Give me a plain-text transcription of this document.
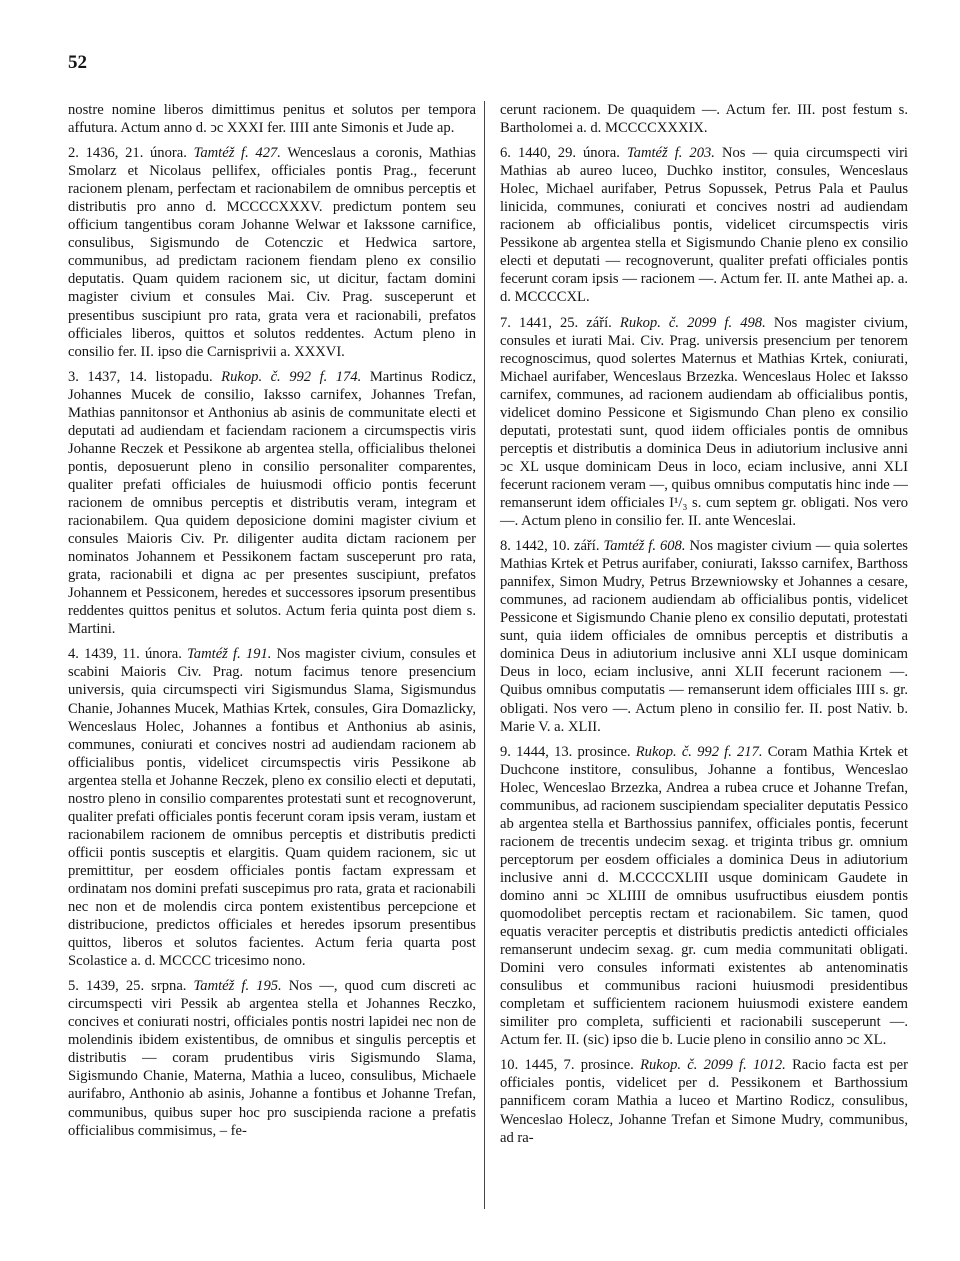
52

nostre nomine liberos dimittimus penitus et solutos per tempora affutura. Actum anno d. ↄc XXXI fer. IIII ante Simonis et Jude ap.

2. 1436, 21. února. Tamtéž f. 427. Wenceslaus a coronis, Mathias Smolarz et Nicolaus pellifex, officiales pontis Prag., fecerunt racionem plenam, perfectam et racionabilem de omnibus perceptis et distributis pro anno d. MCCCCXXXV. predictum pontem seu officium tangentibus coram Johanne Welwar et Iakssone carnifice, consulibus, Sigismundo de Cotenczic et Hedwica sartore, communibus, ad predictam racionem fiendam pleno ex consilio deputatis. Quam quidem racionem sic, ut dicitur, factam domini magister civium et consules Mai. Civ. Prag. susceperunt et presentibus suscipiunt pro rata, grata vera et racionabili, prefatos officiales liberos, quittos et solutos reddentes. Actum pleno in consilio fer. II. ipso die Carnisprivii a. XXXVI.

3. 1437, 14. listopadu. Rukop. č. 992 f. 174. Martinus Rodicz, Johannes Mucek de consilio, Iaksso carnifex, Johannes Trefan, Mathias pannitonsor et Anthonius ab asinis de communitate electi et deputati ad audiendam et faciendam racionem a circumspectis viris Johanne Reczek et Pessikone ab argentea stella, officialibus thelonei pontis, deposuerunt pleno in consilio personaliter comparentes, qualiter prefati officiales de huiusmodi officio pontis fecerunt racionem de omnibus perceptis et distributis veram, integram et racionabilem. Qua quidem deposicione domini magister civium et consules Maioris Civ. Pr. diligenter audita dictam racionem per nominatos Johannem et Pessikonem factam susceperunt pro rata, grata, racionabili et digna ac per presentes suscipiunt, prefatos Johannem et Pessiconem, heredes et successores ipsorum presentibus reddentes quittos penitus et solutos. Actum feria quinta post diem s. Martini.

4. 1439, 11. února. Tamtéž f. 191. Nos magister civium, consules et scabini Maioris Civ. Prag. notum facimus tenore presencium universis, quia circumspecti viri Sigismundus Slama, Sigismundus Chanie, Johannes Mucek, Mathias Krtek, consules, Gira Domazlicky, Wenceslaus Holec, Johannes a fontibus et Anthonius ab asinis, communes, coniurati et concives nostri ad audiendam racionem ab officialibus pontis, videlicet circumspectis viris Pessikone ab argentea stella et Johanne Reczek, pleno ex consilio electi et deputati, nostro pleno in consilio comparentes protestati sunt et recognoverunt, qualiter prefati officiales pontis fecerunt coram ipsis veram, iustam et racionabilem racionem de omnibus perceptis et distributis predicti officii pontis susceptis et elargitis. Quam quidem racionem, sic ut premittitur, per eosdem officiales pontis factam expressam et ordinatam nos domini prefati suscepimus pro rata, grata et racionabili nec non et de molendis circa pontem existentibus percepcione et distribucione, predictos officiales et heredes ipsorum presentibus quittos, liberos et solutos facientes. Actum feria quarta post Scolastice a. d. MCCCC tricesimo nono.

5. 1439, 25. srpna. Tamtéž f. 195. Nos —, quod cum discreti ac circumspecti viri Pessik ab argentea stella et Johannes Reczko, concives et coniurati nostri, officiales pontis nostri lapidei nec non de molendinis ibidem existentibus, de omnibus et singulis perceptis et distributis — coram prudentibus viris Sigismundo Slama, Sigismundo Chanie, Materna, Mathia a luceo, consulibus, Michaele aurifabro, Anthonio ab asinis, Johanne a fontibus et Johanne Trefan, communibus, quibus super hoc pro suscipienda racione a prefatis officialibus commisimus, – fe-

cerunt racionem. De quaquidem —. Actum fer. III. post festum s. Bartholomei a. d. MCCCCXXXIX.

6. 1440, 29. února. Tamtéž f. 203. Nos — quia circumspecti viri Mathias ab aureo luceo, Duchko institor, consules, Wenceslaus Holec, Michael aurifaber, Petrus Sopussek, Petrus Pala et Paulus linicida, communes, coniurati et concives nostri ad audiendam racionem ab officialibus pontis, videlicet circumspectis viris Pessikone ab argentea stella et Sigismundo Chanie pleno ex consilio electi et deputati — recognoverunt, qualiter prefati officiales pontis fecerunt coram ipsis — racionem —. Actum fer. II. ante Mathei ap. a. d. MCCCCXL.

7. 1441, 25. září. Rukop. č. 2099 f. 498. Nos magister civium, consules et iurati Mai. Civ. Prag. universis presencium per tenorem recognoscimus, quod solertes Maternus et Mathias Krtek, coniurati, Michael aurifaber, Wenceslaus Brzezka. Wenceslaus Holec et Iaksso carnifex, communes, ad racionem audiendam ab officialibus pontis, videlicet domino Pessicone et Sigismundo Chan pleno ex consilio deputati, protestati sunt, quod iidem officiales pontis de omnibus perceptis et distributis a dominica Deus in adiutorium inclusive anni ↄc XL usque dominicam Deus in loco, eciam inclusive, anni XLI fecerunt racionem veram —, quibus omnibus computatis hinc inde — remanserunt idem officiales I¹/₃ s. cum septem gr. obligati. Nos vero —. Actum pleno in consilio fer. II. ante Wenceslai.

8. 1442, 10. září. Tamtéž f. 608. Nos magister civium — quia solertes Mathias Krtek et Petrus aurifaber, coniurati, Iaksso carnifex, Barthoss pannifex, Simon Mudry, Petrus Brzewniowsky et Johannes a cesare, communes, ad racionem audiendam ab officialibus pontis, videlicet Pessicone et Sigismundo Chanie pleno ex consilio deputati, protestati sunt, quia iidem officiales de omnibus perceptis et distributis a dominica Deus in adiutorium inclusive anni XLI usque dominicam Deus in loco, eciam inclusive, anni XLII fecerunt racionem —. Quibus omnibus computatis — remanserunt idem officiales IIII s. gr. obligati. Nos vero —. Actum pleno in consilio fer. II. post Nativ. b. Marie V. a. XLII.

9. 1444, 13. prosince. Rukop. č. 992 f. 217. Coram Mathia Krtek et Duchcone institore, consulibus, Johanne a fontibus, Wenceslao Holec, Wenceslao Brzezka, Andrea a rubea cruce et Johanne Trefan, communibus, ad racionem suscipiendam specialiter deputatis Pessico ab argentea stella et Barthossius pannifex, officiales pontis, fecerunt racionem de trecentis undecim sexag. et triginta tribus gr. omnium perceptorum per eosdem officiales a dominica Deus in adiutorium inclusive anni d. M.CCCCXLIII usque dominicam Gaudete in domino anni ↄc XLIIII de omnibus usufructibus eiusdem pontis quomodolibet perceptis rectam et racionabilem. Sic tamen, quod equatis veraciter perceptis et distributis predictis antedicti officiales remanserunt undecim sexag. gr. cum media communitati obligati. Domini vero consules informati existentes ab antenominatis consulibus et communibus racioni huiusmodi presidentibus completam et sufficientem racionem huiusmodi existere eandem similiter pro completa, sufficienti et racionabili susceperunt —. Actum fer. II. (sic) ipso die b. Lucie pleno in consilio anno ↄc XL.

10. 1445, 7. prosince. Rukop. č. 2099 f. 1012. Racio facta est per officiales pontis, videlicet per d. Pessikonem et Barthossium pannificem coram Mathia a luceo et Martino Rodicz, consulibus, Wenceslao Holecz, Johanne Trefan et Simone Mudry, communibus, ad ra-
